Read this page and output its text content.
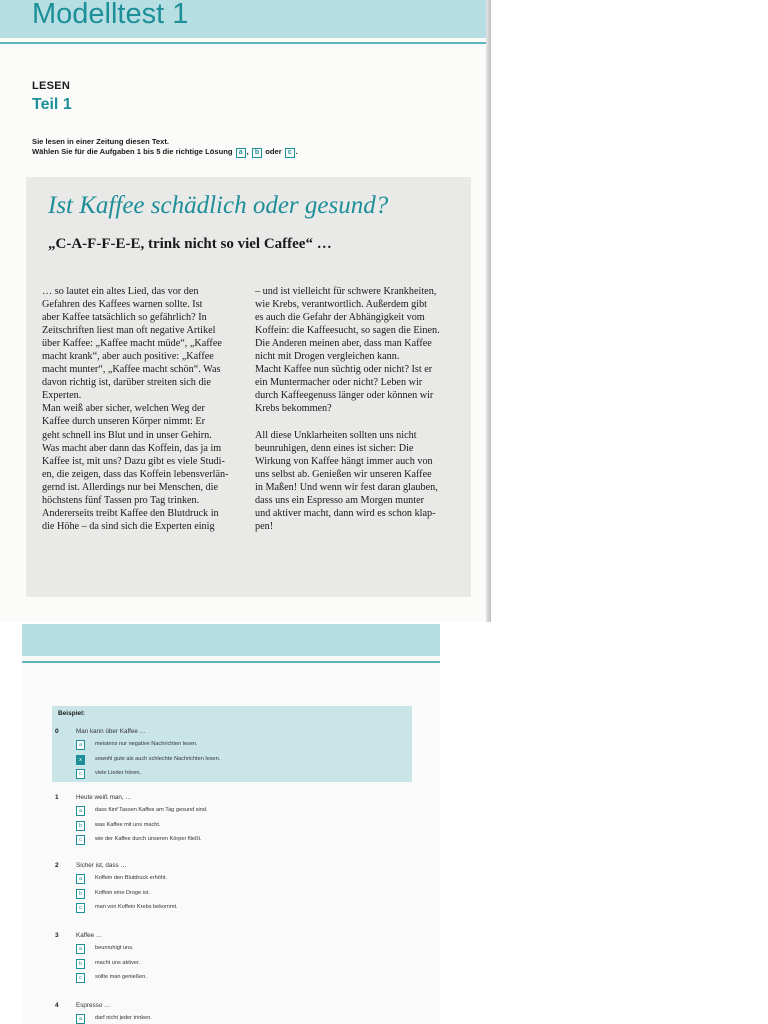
Modelltest 1
LESEN
Teil 1
Sie lesen in einer Zeitung diesen Text.
Wählen Sie für die Aufgaben 1 bis 5 die richtige Lösung a , b oder c .
Ist Kaffee schädlich oder gesund?
„C-A-F-F-E-E, trink nicht so viel Caffee“ …
… so lautet ein altes Lied, das vor den
Gefahren des Kaffees warnen sollte. Ist
aber Kaffee tatsächlich so gefährlich? In
Zeitschriften liest man oft negative Artikel
über Kaffee: „Kaffee macht müde“, „Kaffee
macht krank“, aber auch positive: „Kaffee
macht munter“, „Kaffee macht schön“. Was
davon richtig ist, darüber streiten sich die
Experten.
Man weiß aber sicher, welchen Weg der
Kaffee durch unseren Körper nimmt: Er
geht schnell ins Blut und in unser Gehirn.
Was macht aber dann das Koffein, das ja im
Kaffee ist, mit uns? Dazu gibt es viele Studi-
en, die zeigen, dass das Koffein lebensverlän-
gernd ist. Allerdings nur bei Menschen, die
höchstens fünf Tassen pro Tag trinken.
Andererseits treibt Kaffee den Blutdruck in
die Höhe – da sind sich die Experten einig
– und ist vielleicht für schwere Krankheiten,
wie Krebs, verantwortlich. Außerdem gibt
es auch die Gefahr der Abhängigkeit vom
Koffein: die Kaffeesucht, so sagen die Einen.
Die Anderen meinen aber, dass man Kaffee
nicht mit Drogen vergleichen kann.
Macht Kaffee nun süchtig oder nicht? Ist er
ein Muntermacher oder nicht? Leben wir
durch Kaffeegenuss länger oder können wir
Krebs bekommen?
All diese Unklarheiten sollten uns nicht
beunruhigen, denn eines ist sicher: Die
Wirkung von Kaffee hängt immer auch von
uns selbst ab. Genießen wir unseren Kaffee
in Maßen! Und wenn wir fest daran glauben,
dass uns ein Espresso am Morgen munter
und aktiver macht, dann wird es schon klap-
pen!
Beispiel:
0	Man kann über Kaffee …
a	meistens nur negative Nachrichten lesen.
x	sowohl gute als auch schlechte Nachrichten lesen.
c	viele Lieder hören.
1	Heute weiß man, …
a	dass fünf Tassen Kaffee am Tag gesund sind.
b	was Kaffee mit uns macht.
c	wie der Kaffee durch unseren Körper fließt.
2	Sicher ist, dass …
a	Koffein den Blutdruck erhöht.
b	Koffein eine Droge ist.
c	man von Koffein Krebs bekommt.
3	Kaffee …
a	beunruhigt uns.
b	macht uns aktiver.
c	sollte man genießen.
4	Espresso …
a	darf nicht jeder trinken.
